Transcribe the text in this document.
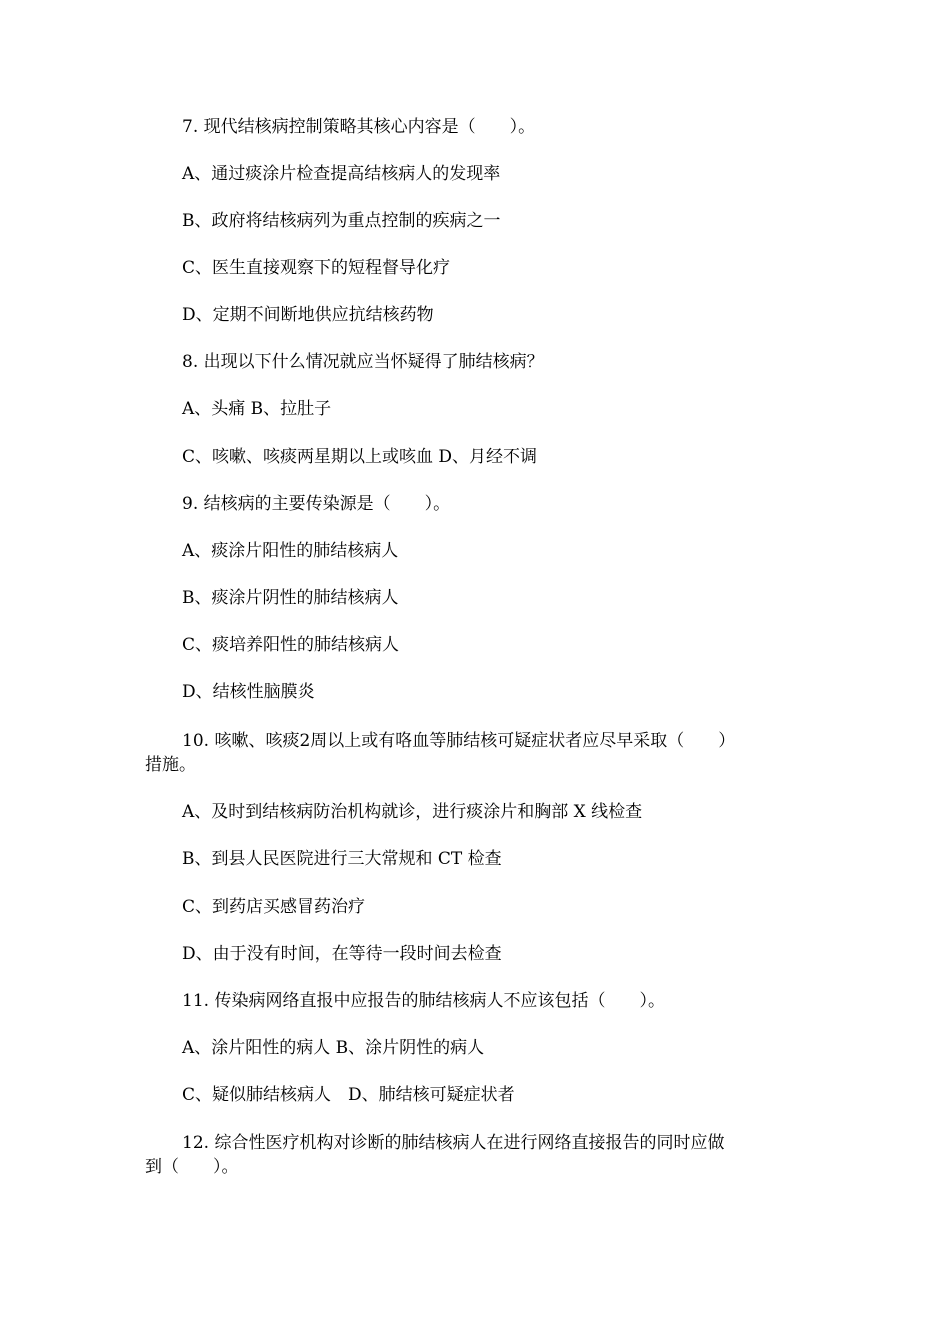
7. 现代结核病控制策略其核心内容是（　　）。
A、通过痰涂片检查提高结核病人的发现率
B、政府将结核病列为重点控制的疾病之一
C、医生直接观察下的短程督导化疗
D、定期不间断地供应抗结核药物
8. 出现以下什么情况就应当怀疑得了肺结核病？
A、头痛 B、拉肚子
C、咳嗽、咳痰两星期以上或咳血 D、月经不调
9. 结核病的主要传染源是（　　）。
A、痰涂片阳性的肺结核病人
B、痰涂片阴性的肺结核病人
C、痰培养阳性的肺结核病人
D、结核性脑膜炎
10. 咳嗽、咳痰2周以上或有咯血等肺结核可疑症状者应尽早采取（　　）
措施。
A、及时到结核病防治机构就诊，进行痰涂片和胸部 X 线检查
B、到县人民医院进行三大常规和 CT 检查
C、到药店买感冒药治疗
D、由于没有时间，在等待一段时间去检查
11. 传染病网络直报中应报告的肺结核病人不应该包括（　　）。
A、涂片阳性的病人 B、涂片阴性的病人
C、疑似肺结核病人　D、肺结核可疑症状者
12. 综合性医疗机构对诊断的肺结核病人在进行网络直接报告的同时应做
到（　　）。
